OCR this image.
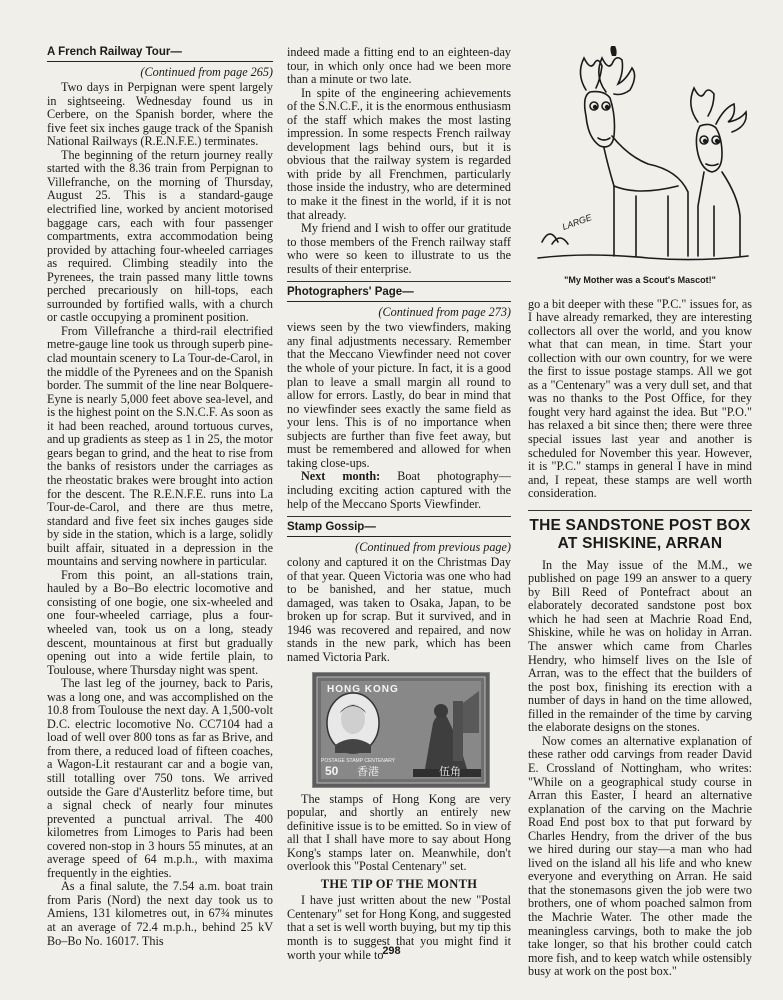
A French Railway Tour—
(Continued from page 265)

Two days in Perpignan were spent largely in sightseeing. Wednesday found us in Cerbere, on the Spanish border, where the five feet six inches gauge track of the Spanish National Railways (R.E.N.F.E.) terminates.

The beginning of the return journey really started with the 8.36 train from Perpignan to Villefranche, on the morning of Thursday, August 25. This is a standard-gauge electrified line, worked by ancient motorised baggage cars, each with four passenger compartments, extra accommodation being provided by attaching four-wheeled carriages as required. Climbing steadily into the Pyrenees, the train passed many little towns perched precariously on hill-tops, each surrounded by fortified walls, with a church or castle occupying a prominent position.

From Villefranche a third-rail electrified metre-gauge line took us through superb pine-clad mountain scenery to La Tour-de-Carol, in the middle of the Pyrenees and on the Spanish border. The summit of the line near Bolquere-Eyne is nearly 5,000 feet above sea-level, and is the highest point on the S.N.C.F. As soon as it had been reached, around tortuous curves, and up gradients as steep as 1 in 25, the motor gears began to grind, and the heat to rise from the banks of resistors under the carriages as the rheostatic brakes were brought into action for the descent. The R.E.N.F.E. runs into La Tour-de-Carol, and there are thus metre, standard and five feet six inches gauges side by side in the station, which is a large, solidly built affair, situated in a depression in the mountains and serving nowhere in particular.

From this point, an all-stations train, hauled by a Bo–Bo electric locomotive and consisting of one bogie, one six-wheeled and one four-wheeled carriage, plus a four-wheeled van, took us on a long, steady descent, mountainous at first but gradually opening out into a wide fertile plain, to Toulouse, where Thursday night was spent.

The last leg of the journey, back to Paris, was a long one, and was accomplished on the 10.8 from Toulouse the next day. A 1,500-volt D.C. electric locomotive No. CC7104 had a load of well over 800 tons as far as Brive, and from there, a reduced load of fifteen coaches, a Wagon-Lit restaurant car and a bogie van, still totalling over 750 tons. We arrived outside the Gare d'Austerlitz before time, but a signal check of nearly four minutes prevented a punctual arrival. The 400 kilometres from Limoges to Paris had been covered non-stop in 3 hours 55 minutes, at an average speed of 64 m.p.h., with maxima frequently in the eighties.

As a final salute, the 7.54 a.m. boat train from Paris (Nord) the next day took us to Amiens, 131 kilometres out, in 67¾ minutes at an average of 72.4 m.p.h., behind 25 kV Bo–Bo No. 16017. This

indeed made a fitting end to an eighteen-day tour, in which only once had we been more than a minute or two late.

In spite of the engineering achievements of the S.N.C.F., it is the enormous enthusiasm of the staff which makes the most lasting impression. In some respects French railway development lags behind ours, but it is obvious that the railway system is regarded with pride by all Frenchmen, particularly those inside the industry, who are determined to make it the finest in the world, if it is not that already.

My friend and I wish to offer our gratitude to those members of the French railway staff who were so keen to illustrate to us the results of their enterprise.

Photographers' Page—
(Continued from page 273)

views seen by the two viewfinders, making any final adjustments necessary. Remember that the Meccano Viewfinder need not cover the whole of your picture. In fact, it is a good plan to leave a small margin all round to allow for errors. Lastly, do bear in mind that no viewfinder sees exactly the same field as your lens. This is of no importance when subjects are further than five feet away, but must be remembered and allowed for when taking close-ups.

Next month: Boat photography—including exciting action captured with the help of the Meccano Sports Viewfinder.

Stamp Gossip—
(Continued from previous page)

colony and captured it on the Christmas Day of that year. Queen Victoria was one who had to be banished, and her statue, much damaged, was taken to Osaka, Japan, to be broken up for scrap. But it survived, and in 1946 was recovered and repaired, and now stands in the new park, which has been named Victoria Park.

HONG KONG
POSTAGE STAMP CENTENARY
50 香港	伍角

The stamps of Hong Kong are very popular, and shortly an entirely new definitive issue is to be emitted. So in view of all that I shall have more to say about Hong Kong's stamps later on. Meanwhile, don't overlook this "Postal Centenary" set.

THE TIP OF THE MONTH

I have just written about the new "Postal Centenary" set for Hong Kong, and suggested that a set is well worth buying, but my tip this month is to suggest that you might find it worth your while to

LARGE
"My Mother was a Scout's Mascot!"

go a bit deeper with these "P.C." issues for, as I have already remarked, they are interesting collectors all over the world, and you know what that can mean, in time. Start your collection with our own country, for we were the first to issue postage stamps. All we got as a "Centenary" was a very dull set, and that was no thanks to the Post Office, for they fought very hard against the idea. But "P.O." has relaxed a bit since then; there were three special issues last year and another is scheduled for November this year. However, it is "P.C." stamps in general I have in mind and, I repeat, these stamps are well worth consideration.

THE SANDSTONE POST BOX
AT SHISKINE, ARRAN

In the May issue of the M.M., we published on page 199 an answer to a query by Bill Reed of Pontefract about an elaborately decorated sandstone post box which he had seen at Machrie Road End, Shiskine, while he was on holiday in Arran. The answer which came from Charles Hendry, who himself lives on the Isle of Arran, was to the effect that the builders of the post box, finishing its erection with a number of days in hand on the time allowed, filled in the remainder of the time by carving the elaborate designs on the stones.

Now comes an alternative explanation of these rather odd carvings from reader David E. Crossland of Nottingham, who writes: "While on a geographical study course in Arran this Easter, I heard an alternative explanation of the carving on the Machrie Road End post box to that put forward by Charles Hendry, from the driver of the bus we hired during our stay—a man who had lived on the island all his life and who knew everyone and everything on Arran. He said that the stonemasons given the job were two brothers, one of whom poached salmon from the Machrie Water. The other made the meaningless carvings, both to make the job take longer, so that his brother could catch more fish, and to keep watch while ostensibly busy at work on the post box."

298
